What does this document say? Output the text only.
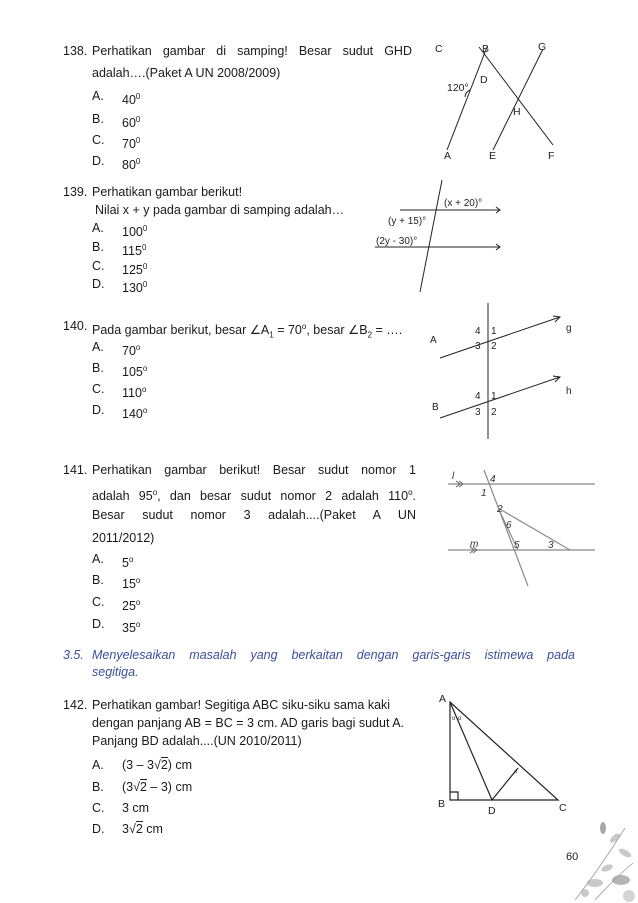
138. Perhatikan gambar di samping! Besar sudut GHD
adalah….(Paket A UN 2008/2009)
A. $40^0$
B. $60^0$
C. $70^0$
D. $80^0$
C	B	G
D
H
A	E	F
120°
139. Perhatikan gambar berikut!
Nilai x + y pada gambar di samping adalah…
A. $100^0$
B. $115^0$
C. $125^0$
D. $130^0$
(x + 20)°
(y + 15)°
(2y - 30)°
140. Pada gambar berikut, besar $\angle A_1 = 70^o$, besar $\angle B_2$ = ….
A. 70$^o$
B. 105$^o$
C. 110$^o$
D. 140$^o$
A
B
g
h
4 1
3 2
4 1
3 2
141. Perhatikan gambar berikut! Besar sudut nomor 1
adalah 95$^o$, dan besar sudut nomor 2 adalah 110$^o$.
Besar sudut nomor 3 adalah....(Paket A UN
2011/2012)
A. 5$^o$
B. 15$^o$
C. 25$^o$
D. 35$^o$
l
m
4
1
2
6
5	3
3.5. Menyelesaikan masalah yang berkaitan dengan garis-garis istimewa pada
segitiga.
142. Perhatikan gambar! Segitiga ABC siku-siku sama kaki
dengan panjang AB = BC = 3 cm. AD garis bagi sudut A.
Panjang BD adalah....(UN 2010/2011)
A. (3 – 3√2) cm
B. (3√2 – 3) cm
C. 3 cm
D. 3√2 cm
o o
×
A
B	C
D
60
